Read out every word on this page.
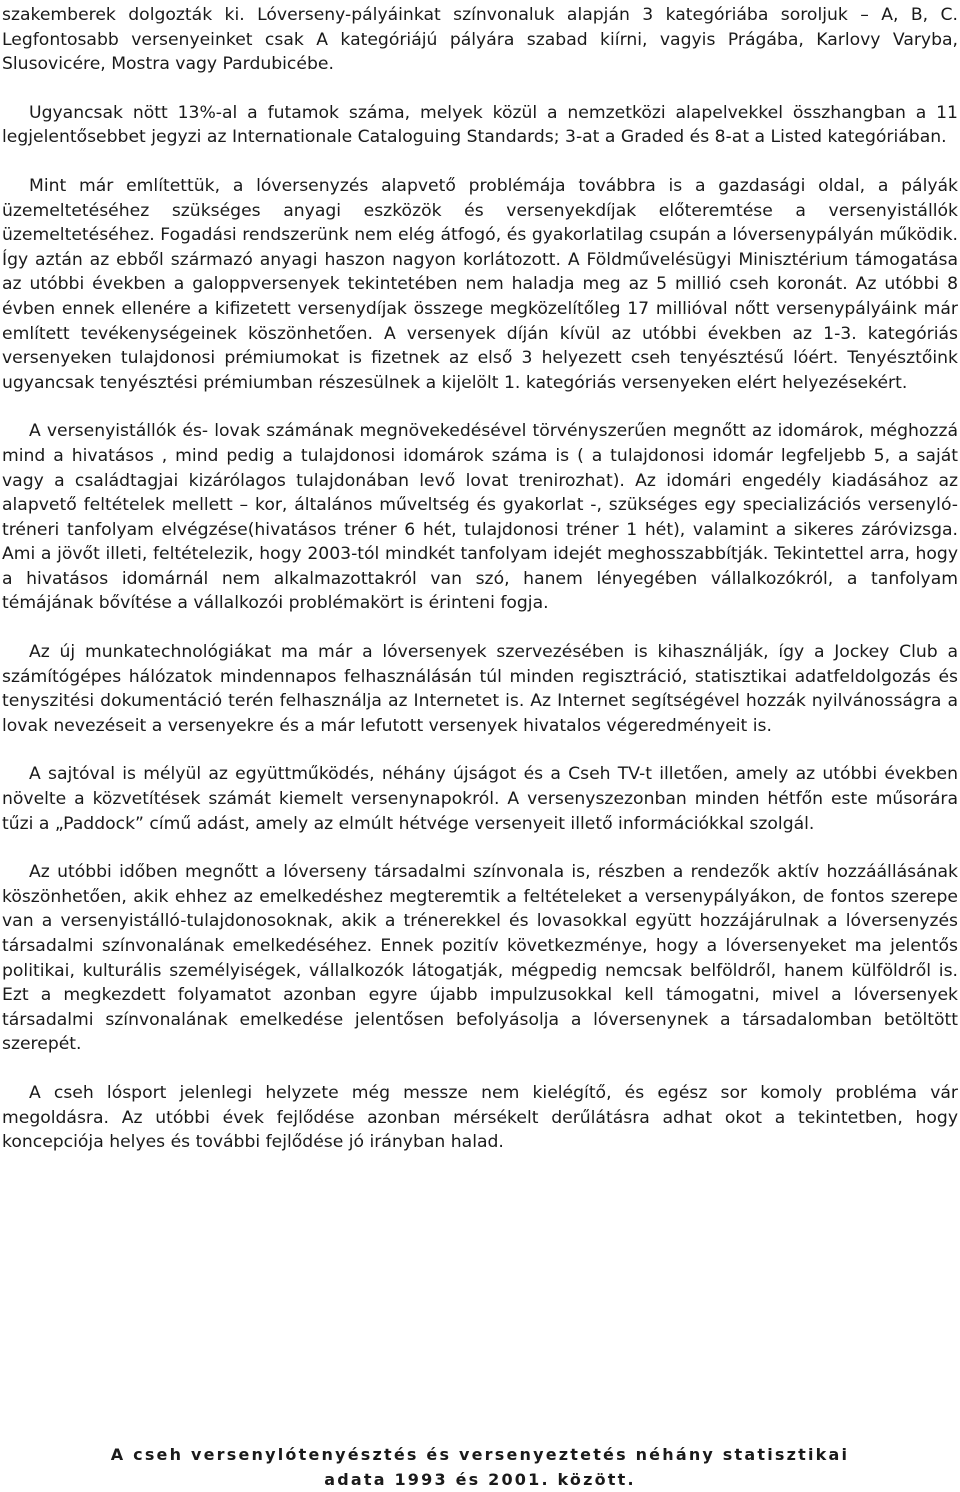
szakemberek dolgozták ki. Lóverseny-pályáinkat színvonaluk alapján 3 kategóriába soroljuk – A, B, C. Legfontosabb versenyeinket csak A kategóriájú pályára szabad kiírni, vagyis Prágába, Karlovy Varyba, Slusovicére, Mostra vagy Pardubicébe.

Ugyancsak nött 13%-al a futamok száma, melyek közül a nemzetközi alapelvekkel összhangban a 11 legjelentősebbet jegyzi az Internationale Cataloguing Standards; 3-at a Graded és 8-at a Listed kategóriában.

Mint már említettük, a lóversenyzés alapvető problémája továbbra is a gazdasági oldal, a pályák üzemeltetéséhez szükséges anyagi eszközök és versenyekdíjak előteremtése a versenyistállók üzemeltetéséhez. Fogadási rendszerünk nem elég átfogó, és gyakorlatilag csupán a lóversenypályán működik. Így aztán az ebből származó anyagi haszon nagyon korlátozott. A Földművelésügyi Minisztérium támogatása az utóbbi években a galoppversenyek tekintetében nem haladja meg az 5 millió cseh koronát. Az utóbbi 8 évben ennek ellenére a kifizetett versenydíjak összege megközelítőleg 17 millióval nőtt versenypályáink már említett tevékenységeinek köszönhetően. A versenyek díján kívül az utóbbi években az 1-3. kategóriás versenyeken tulajdonosi prémiumokat is fizetnek az első 3 helyezett cseh tenyésztésű lóért. Tenyésztőink ugyancsak tenyésztési prémiumban részesülnek a kijelölt 1. kategóriás versenyeken elért helyezésekért.

A versenyistállók és- lovak számának megnövekedésével törvényszerűen megnőtt az idomárok, méghozzá mind a hivatásos , mind pedig a tulajdonosi idomárok száma is ( a tulajdonosi idomár legfeljebb 5, a saját vagy a családtagjai kizárólagos tulajdonában levő lovat trenirozhat). Az idomári engedély kiadásához az alapvető feltételek mellett – kor, általános műveltség és gyakorlat -, szükséges egy specializációs versenyló-tréneri tanfolyam elvégzése(hivatásos tréner 6 hét, tulajdonosi tréner 1 hét), valamint a sikeres záróvizsga. Ami a jövőt illeti, feltételezik, hogy 2003-tól mindkét tanfolyam idejét meghosszabbítják. Tekintettel arra, hogy a hivatásos idomárnál nem alkalmazottakról van szó, hanem lényegében vállalkozókról, a tanfolyam témájának bővítése a vállalkozói problémakört is érinteni fogja.

Az új munkatechnológiákat ma már a lóversenyek szervezésében is kihasználják, így a Jockey Club a számítógépes hálózatok mindennapos felhasználásán túl minden regisztráció, statisztikai adatfeldolgozás és tenyszitési dokumentáció terén felhasználja az Internetet is. Az Internet segítségével hozzák nyilvánosságra a lovak nevezéseit a versenyekre és a már lefutott versenyek hivatalos végeredményeit is.

A sajtóval is mélyül az együttműködés, néhány újságot és a Cseh TV-t illetően, amely az utóbbi években növelte a közvetítések számát kiemelt versenynapokról. A versenyszezonban minden hétfőn este műsorára tűzi a „Paddock” című adást, amely az elmúlt hétvége versenyeit illető információkkal szolgál.

Az utóbbi időben megnőtt a lóverseny társadalmi színvonala is, részben a rendezők aktív hozzáállásának köszönhetően, akik ehhez az emelkedéshez megteremtik a feltételeket a versenypályákon, de fontos szerepe van a versenyistálló-tulajdonosoknak, akik a trénerekkel és lovasokkal együtt hozzájárulnak a lóversenyzés társadalmi színvonalának emelkedéséhez. Ennek pozitív következménye, hogy a lóversenyeket ma jelentős politikai, kulturális személyiségek, vállalkozók látogatják, mégpedig nemcsak belföldről, hanem külföldről is. Ezt a megkezdett folyamatot azonban egyre újabb impulzusokkal kell támogatni, mivel a lóversenyek társadalmi színvonalának emelkedése jelentősen befolyásolja a lóversenynek a társadalomban betöltött szerepét.

A cseh lósport jelenlegi helyzete még messze nem kielégítő, és egész sor komoly probléma vár megoldásra. Az utóbbi évek fejlődése azonban mérsékelt derűlátásra adhat okot a tekintetben, hogy koncepciója helyes és további fejlődése jó irányban halad.

A cseh versenylótenyésztés és versenyeztetés néhány statisztikai
adata 1993 és 2001. között.
